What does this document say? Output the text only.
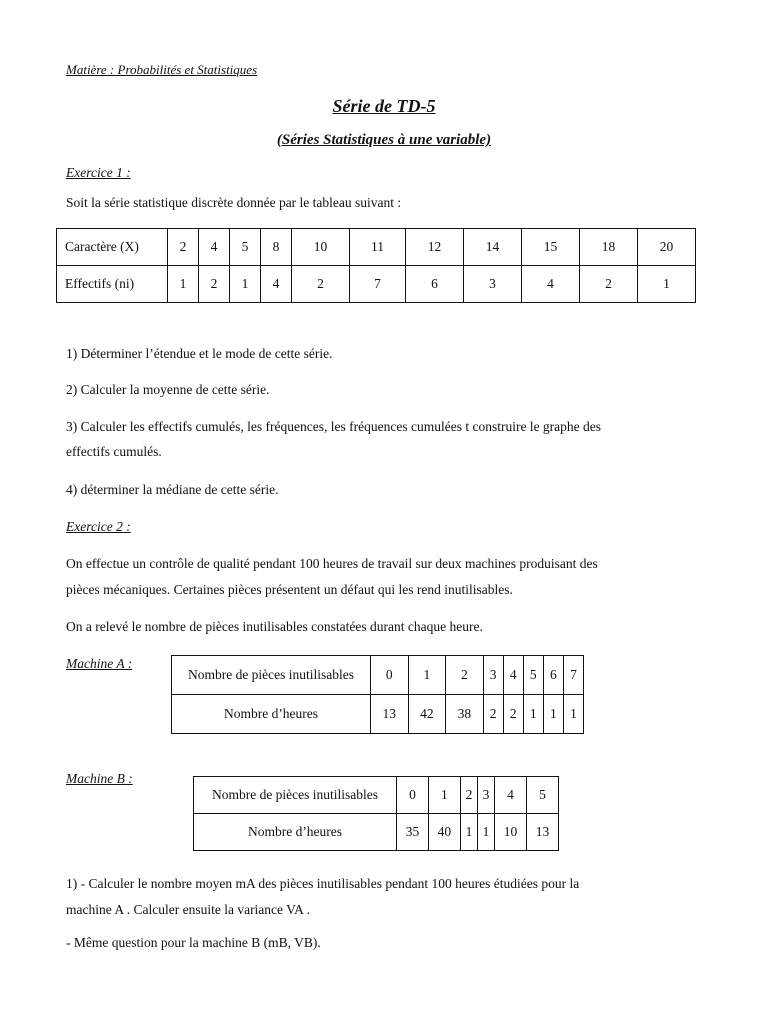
Matière : Probabilités et Statistiques
Série de TD-5
(Séries Statistiques à une variable)
Exercice 1 :
Soit la série statistique discrète donnée par le tableau suivant :
Caractère (X)	2	4	5	8	10	11	12	14	15	18	20
Effectifs (ni)	1	2	1	4	2	7	6	3	4	2	1
1) Déterminer l’étendue et le mode de cette série.
2) Calculer la moyenne de cette série.
3) Calculer les effectifs cumulés, les fréquences, les fréquences cumulées t construire le graphe des
effectifs cumulés.
4) déterminer la médiane de cette série.
Exercice 2 :
On effectue un contrôle de qualité pendant 100 heures de travail sur deux machines produisant des
pièces mécaniques. Certaines pièces présentent un défaut qui les rend inutilisables.
On a relevé le nombre de pièces inutilisables constatées durant chaque heure.
Machine A :
Nombre de pièces inutilisables	0	1	2	3	4	5	6	7
Nombre d’heures	13	42	38	2	2	1	1	1
Machine B :
Nombre de pièces inutilisables	0	1	2	3	4	5
Nombre d’heures	35	40	1	1	10	13
1) - Calculer le nombre moyen mA des pièces inutilisables pendant 100 heures étudiées pour la
machine A . Calculer ensuite la variance VA .
- Même question pour la machine B (mB, VB).
